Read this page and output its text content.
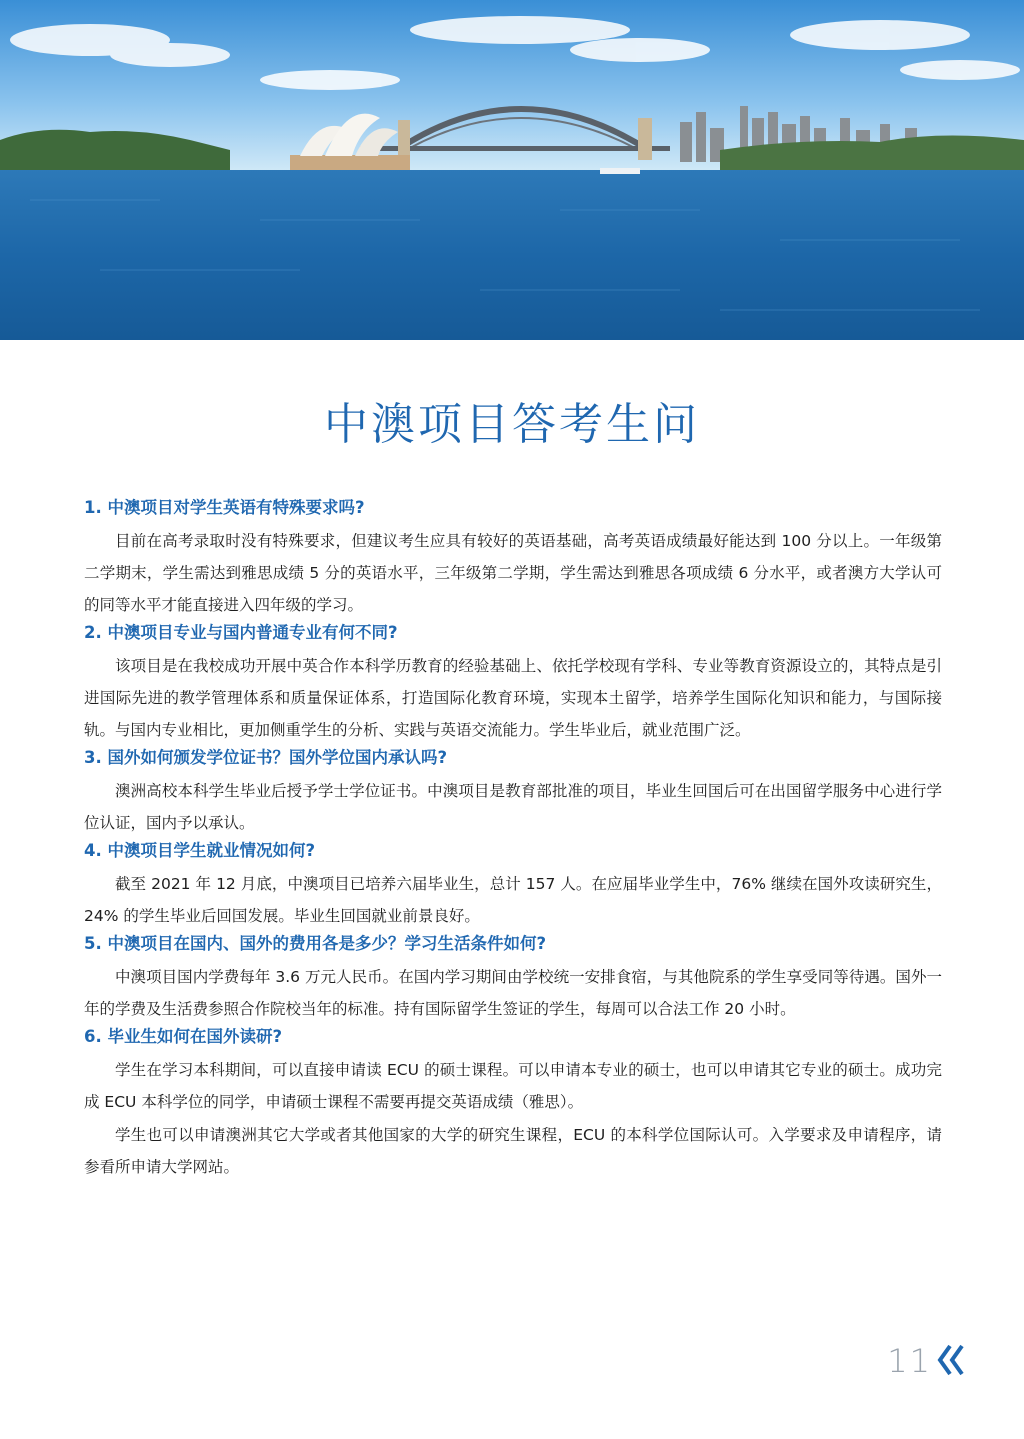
中澳项目答考生问
1. 中澳项目对学生英语有特殊要求吗?

目前在高考录取时没有特殊要求，但建议考生应具有较好的英语基础，高考英语成绩最好能达到 100 分以上。一年级第二学期末，学生需达到雅思成绩 5 分的英语水平，三年级第二学期，学生需达到雅思各项成绩 6 分水平，或者澳方大学认可的同等水平才能直接进入四年级的学习。

2. 中澳项目专业与国内普通专业有何不同?

该项目是在我校成功开展中英合作本科学历教育的经验基础上、依托学校现有学科、专业等教育资源设立的，其特点是引进国际先进的教学管理体系和质量保证体系，打造国际化教育环境，实现本土留学，培养学生国际化知识和能力，与国际接轨。与国内专业相比，更加侧重学生的分析、实践与英语交流能力。学生毕业后，就业范围广泛。

3. 国外如何颁发学位证书？国外学位国内承认吗?

澳洲高校本科学生毕业后授予学士学位证书。中澳项目是教育部批准的项目，毕业生回国后可在出国留学服务中心进行学位认证，国内予以承认。

4. 中澳项目学生就业情况如何?

截至 2021 年 12 月底，中澳项目已培养六届毕业生，总计 157 人。在应届毕业学生中，76% 继续在国外攻读研究生，24% 的学生毕业后回国发展。毕业生回国就业前景良好。

5. 中澳项目在国内、国外的费用各是多少？学习生活条件如何?

中澳项目国内学费每年 3.6 万元人民币。在国内学习期间由学校统一安排食宿，与其他院系的学生享受同等待遇。国外一年的学费及生活费参照合作院校当年的标准。持有国际留学生签证的学生，每周可以合法工作 20 小时。

6. 毕业生如何在国外读研?

学生在学习本科期间，可以直接申请读 ECU 的硕士课程。可以申请本专业的硕士，也可以申请其它专业的硕士。成功完成 ECU 本科学位的同学，申请硕士课程不需要再提交英语成绩（雅思）。

学生也可以申请澳洲其它大学或者其他国家的大学的研究生课程，ECU 的本科学位国际认可。入学要求及申请程序，请参看所申请大学网站。

11
